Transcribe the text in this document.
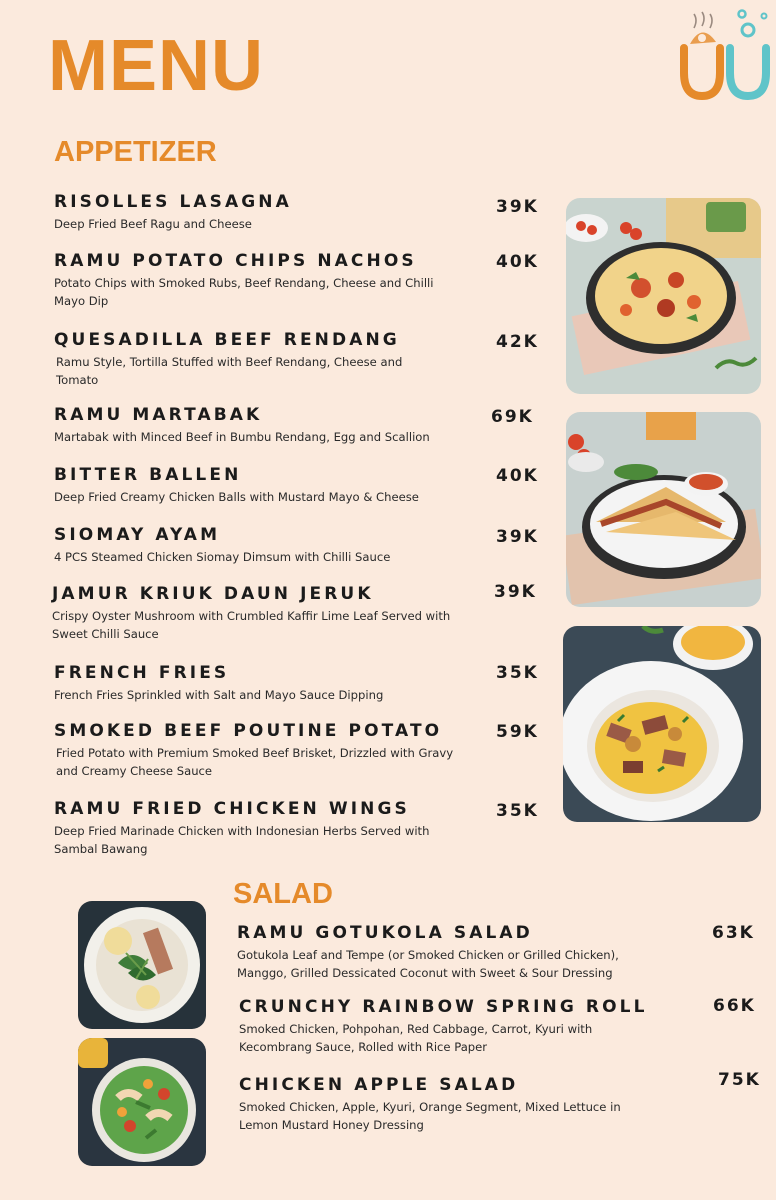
MENU
APPETIZER
RISOLLES LASAGNA
Deep Fried Beef Ragu and Cheese
39K
RAMU POTATO CHIPS NACHOS
Potato Chips with Smoked Rubs, Beef Rendang, Cheese and Chilli Mayo Dip
40K
QUESADILLA BEEF RENDANG
Ramu Style, Tortilla Stuffed with Beef Rendang, Cheese and Tomato
42K
RAMU MARTABAK
Martabak with Minced Beef in Bumbu Rendang, Egg and Scallion
69K
BITTER BALLEN
Deep Fried Creamy Chicken Balls with Mustard Mayo & Cheese
40K
SIOMAY AYAM
4 PCS Steamed Chicken Siomay Dimsum with Chilli Sauce
39K
JAMUR KRIUK DAUN JERUK
Crispy Oyster Mushroom with Crumbled Kaffir Lime Leaf Served with Sweet Chilli Sauce
39K
FRENCH FRIES
French Fries Sprinkled with Salt and Mayo Sauce Dipping
35K
SMOKED BEEF POUTINE POTATO
Fried Potato with Premium Smoked Beef Brisket, Drizzled with Gravy and Creamy Cheese Sauce
59K
RAMU FRIED CHICKEN WINGS
Deep Fried Marinade Chicken with Indonesian Herbs Served with Sambal Bawang
35K
SALAD
RAMU GOTUKOLA SALAD
Gotukola Leaf and Tempe (or Smoked Chicken or Grilled Chicken), Manggo, Grilled Dessicated Coconut with Sweet & Sour Dressing
63K
CRUNCHY RAINBOW SPRING ROLL
Smoked Chicken, Pohpohan, Red Cabbage, Carrot, Kyuri with Kecombrang Sauce, Rolled with Rice Paper
66K
CHICKEN APPLE SALAD
Smoked Chicken, Apple, Kyuri, Orange Segment, Mixed Lettuce in Lemon Mustard Honey Dressing
75K
